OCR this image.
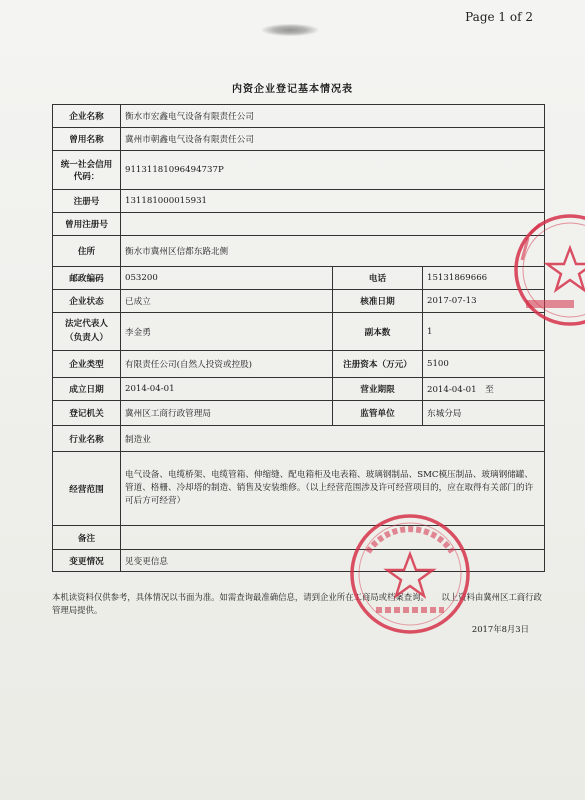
Page 1 of 2
内资企业登记基本情况表
企业名称	衡水市宏鑫电气设备有限责任公司		
曾用名称	冀州市朝鑫电气设备有限责任公司		
统一社会信用代码：	91131181096494737P		
注册号	131181000015931		
曾用注册号			
住所	衡水市冀州区信都东路北侧		
邮政编码	053200	电话	15131869666
企业状态	已成立	核准日期	2017-07-13
法定代表人（负责人）	李金勇	副本数	1
企业类型	有限责任公司(自然人投资或控股)	注册资本（万元）	5100
成立日期	2014-04-01	营业期限	2014-04-01　至
登记机关	冀州区工商行政管理局	监管单位	东城分局
行业名称	制造业		
经营范围	电气设备、电缆桥架、电缆管箱、伸缩缝、配电箱柜及电表箱、玻璃钢制品、SMC模压制品、玻璃钢储罐、管道、格栅、冷却塔的制造、销售及安装维修。（以上经营范围涉及许可经营项目的，应在取得有关部门的许可后方可经营）		
备注			
变更情况	见变更信息		
本机读资料仅供参考，具体情况以书面为准。如需查询最准确信息，请到企业所在工商局或档案查询。　　以上资料由冀州区工商行政管理局提供。
2017年8月3日
